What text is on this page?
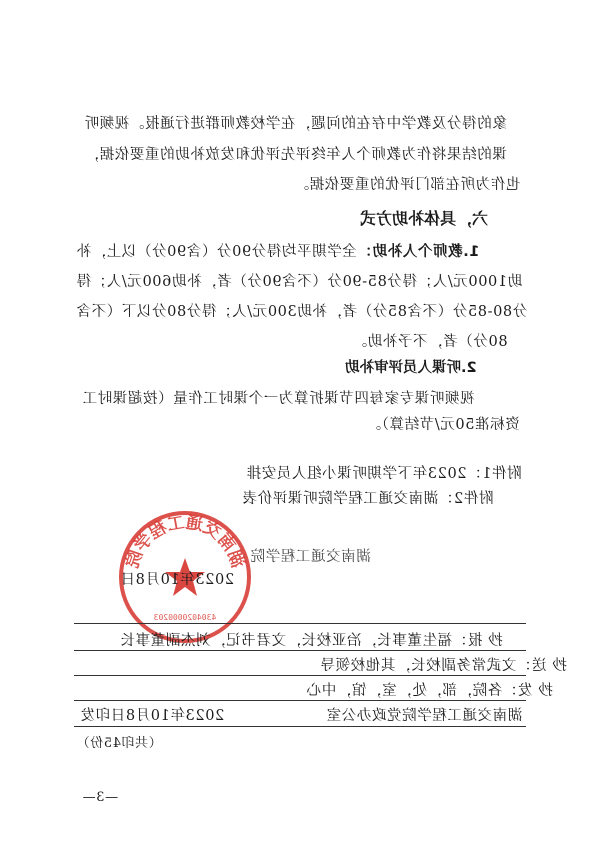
象的得分及教学中存在的问题，在学校教师群进行通报。视频听
课的结果将作为教师个人年终评先评优和发放补助的重要依据，
也作为所在部门评优的重要依据。
六，具体补助方式
1.教师个人补助：全学期平均得分90分（含90分）以上，补
助1000元/人；得分85-90分（不含90分）者，补助600元/人；得
分80-85分（不含85分）者，补助300元/人；得分80分以下（不含
80分）者，不予补助。
2.听课人员评审补助
视频听课专家每四节课折算为一个课时工作量（按超课时工
资标准50元/节结算）。
附件1：2023年下学期听课小组人员安排
附件2：湖南交通工程学院听课评价表
湖南交通工程学院
4304020000203
湖南交通工程学院
2023年10月8日
抄 报：福生董事长，冶亚校长，文君书记，刘杰副董事长
抄 送：文武常务副校长，其他校领导
抄 发：各院，部，处，室，馆，中心
湖南交通工程学院党政办公室
2023年10月8日印发
（共印45份）
—3—
